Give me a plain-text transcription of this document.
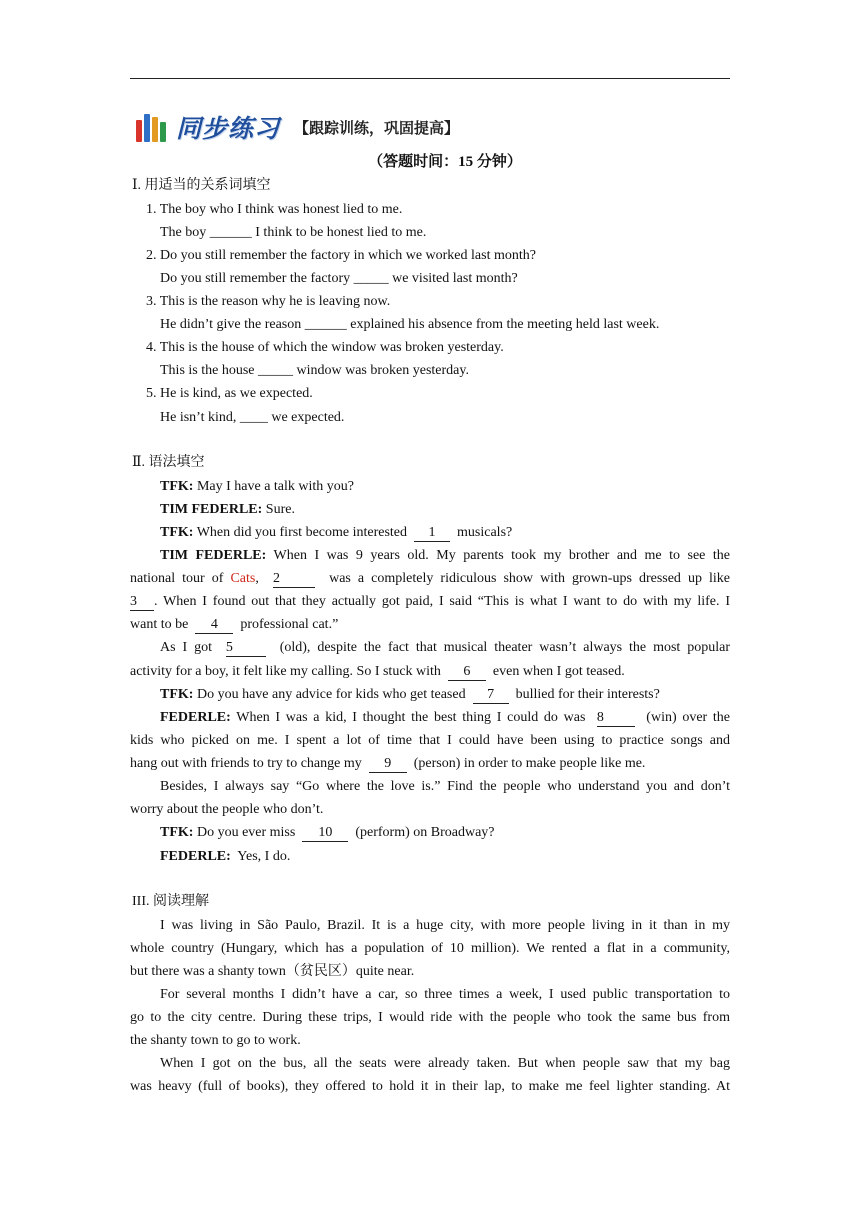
同步练习 【跟踪训练，巩固提高】
（答题时间：15 分钟）
Ⅰ. 用适当的关系词填空
1. The boy who I think was honest lied to me.
The boy ______ I think to be honest lied to me.
2. Do you still remember the factory in which we worked last month?
Do you still remember the factory _____ we visited last month?
3. This is the reason why he is leaving now.
He didn’t give the reason ______ explained his absence from the meeting held last week.
4. This is the house of which the window was broken yesterday.
This is the house _____ window was broken yesterday.
5. He is kind, as we expected.
He isn’t kind, ____ we expected.
Ⅱ. 语法填空
TFK: May I have a talk with you?
TIM FEDERLE: Sure.
TFK: When did you first become interested 1 musicals?
TIM FEDERLE: When I was 9 years old. My parents took my brother and me to see the
national tour of Cats,  2	was a completely ridiculous show with grown-ups dressed up like
3 . When I found out that they actually got paid, I said “This is what I want to do with my life. I
want to be 4 professional cat.”
As I got 5	(old), despite the fact that musical theater wasn’t always the most popular
activity for a boy, it felt like my calling. So I stuck with 6 even when I got teased.
TFK: Do you have any advice for kids who get teased 7 bullied for their interests?
FEDERLE: When I was a kid, I thought the best thing I could do was 8	(win) over the
kids who picked on me. I spent a lot of time that I could have been using to practice songs and
hang out with friends to try to change my 9 (person) in order to make people like me.
Besides, I always say “Go where the love is.” Find the people who understand you and don’t
worry about the people who don’t.
TFK: Do you ever miss 10 (perform) on Broadway?
FEDERLE: Yes, I do.
III. 阅读理解
I was living in São Paulo, Brazil. It is a huge city, with more people living in it than in my
whole country (Hungary, which has a population of 10 million). We rented a flat in a community,
but there was a shanty town（贫民区）quite near.
For several months I didn’t have a car, so three times a week, I used public transportation to
go to the city centre. During these trips, I would ride with the people who took the same bus from
the shanty town to go to work.
When I got on the bus, all the seats were already taken. But when people saw that my bag
was heavy (full of books), they offered to hold it in their lap, to make me feel lighter standing. At
